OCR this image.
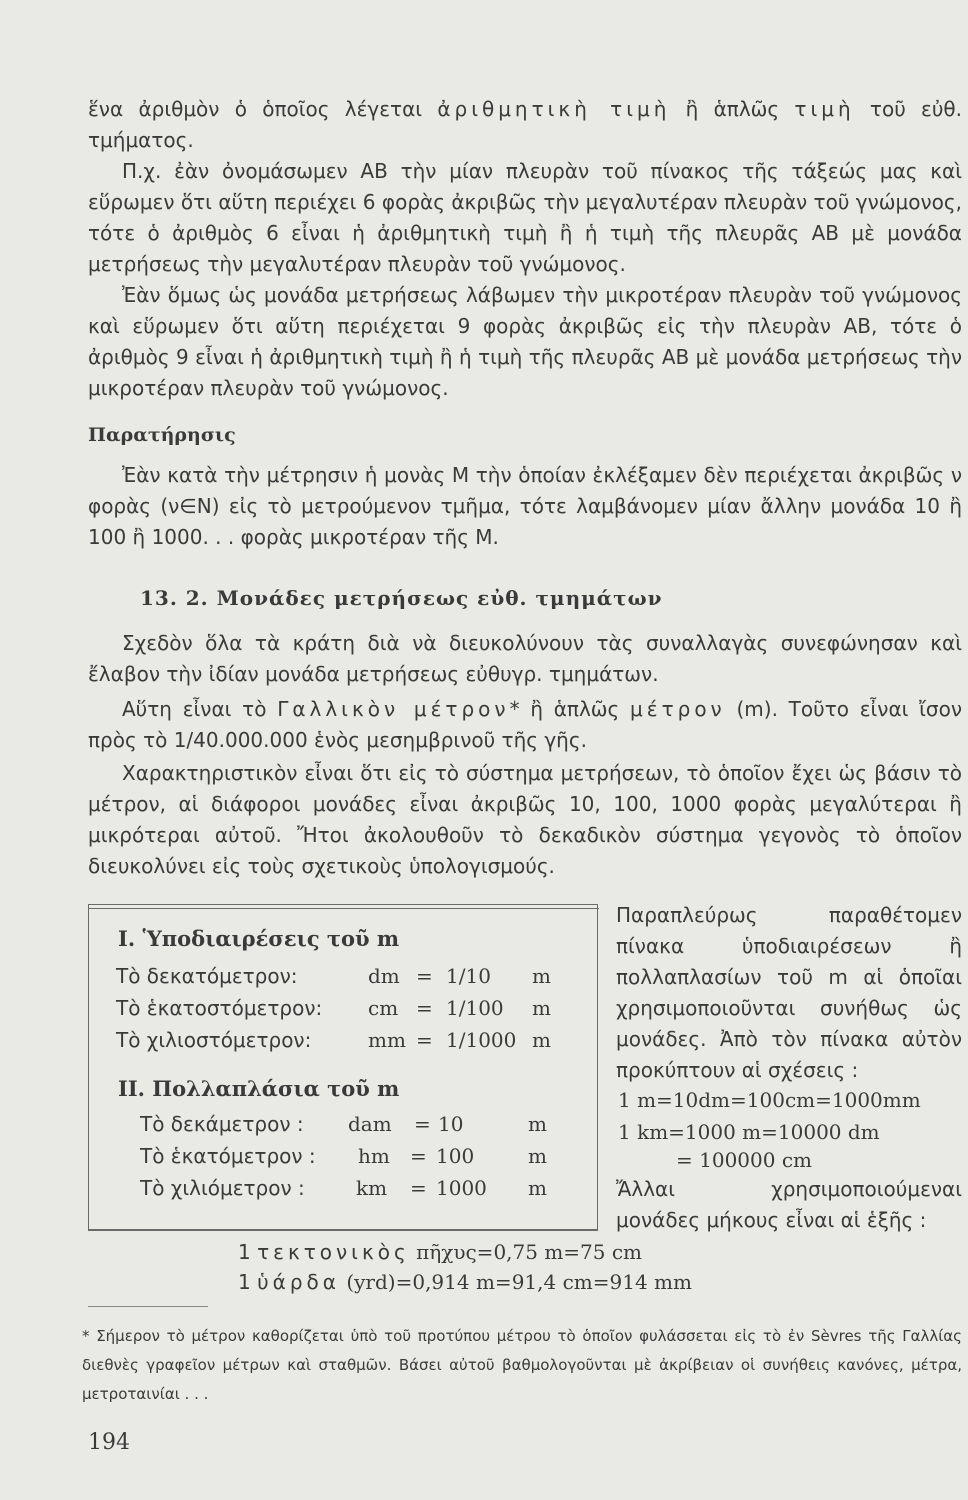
ἕνα ἀριθμὸν ὁ ὁποῖος λέγεται ἀριθμητικὴ τιμὴ ἢ ἁπλῶς τιμὴ τοῦ εὐθ. τμήματος.

Π.χ. ἐὰν ὀνομάσωμεν ΑΒ τὴν μίαν πλευρὰν τοῦ πίνακος τῆς τάξεώς μας καὶ εὕρωμεν ὅτι αὕτη περιέχει 6 φορὰς ἀκριβῶς τὴν μεγαλυτέραν πλευρὰν τοῦ γνώμονος, τότε ὁ ἀριθμὸς 6 εἶναι ἡ ἀριθμητικὴ τιμὴ ἢ ἡ τιμὴ τῆς πλευρᾶς ΑΒ μὲ μονάδα μετρήσεως τὴν μεγαλυτέραν πλευρὰν τοῦ γνώμονος.

Ἐὰν ὅμως ὡς μονάδα μετρήσεως λάβωμεν τὴν μικροτέραν πλευρὰν τοῦ γνώμονος καὶ εὕρωμεν ὅτι αὕτη περιέχεται 9 φορὰς ἀκριβῶς εἰς τὴν πλευρὰν ΑΒ, τότε ὁ ἀριθμὸς 9 εἶναι ἡ ἀριθμητικὴ τιμὴ ἢ ἡ τιμὴ τῆς πλευρᾶς ΑΒ μὲ μονάδα μετρήσεως τὴν μικροτέραν πλευρὰν τοῦ γνώμονος.

Παρατήρησις

Ἐὰν κατὰ τὴν μέτρησιν ἡ μονὰς Μ τὴν ὁποίαν ἐκλέξαμεν δὲν περιέχεται ἀκριβῶς ν φορὰς (ν∈N) εἰς τὸ μετρούμενον τμῆμα, τότε λαμβάνομεν μίαν ἄλλην μονάδα 10 ἢ 100 ἢ 1000. . . φορὰς μικροτέραν τῆς Μ.

13. 2. Μονάδες μετρήσεως εὐθ. τμημάτων

Σχεδὸν ὅλα τὰ κράτη διὰ νὰ διευκολύνουν τὰς συναλλαγὰς συνεφώνησαν καὶ ἔλαβον τὴν ἰδίαν μονάδα μετρήσεως εὐθυγρ. τμημάτων.

Αὕτη εἶναι τὸ Γαλλικὸν μέτρον* ἢ ἁπλῶς μέτρον (m). Τοῦτο εἶναι ἴσον πρὸς τὸ 1/40.000.000 ἑνὸς μεσημβρινοῦ τῆς γῆς.

Χαρακτηριστικὸν εἶναι ὅτι εἰς τὸ σύστημα μετρήσεων, τὸ ὁποῖον ἔχει ὡς βάσιν τὸ μέτρον, αἱ διάφοροι μονάδες εἶναι ἀκριβῶς 10, 100, 1000 φορὰς μεγαλύτεραι ἢ μικρότεραι αὐτοῦ. Ἤτοι ἀκολουθοῦν τὸ δεκαδικὸν σύστημα γεγονὸς τὸ ὁποῖον διευκολύνει εἰς τοὺς σχετικοὺς ὑπολογισμούς.

I. Ὑποδιαιρέσεις τοῦ m
Τὸ δεκατόμετρον:	dm = 1/10 m
Τὸ ἑκατοστόμετρον: cm = 1/100 m
Τὸ χιλιοστόμετρον:	mm = 1/1000 m
II. Πολλαπλάσια τοῦ m
Τὸ δεκάμετρον : dam = 10	m
Τὸ ἑκατόμετρον : hm = 100	m
Τὸ χιλιόμετρον :	km = 1000 m
Παραπλεύρως παραθέτομεν πίνακα ὑποδιαιρέσεων ἢ πολλαπλασίων τοῦ m αἱ ὁποῖαι χρησιμοποιοῦνται συνήθως ὡς μονάδες. Ἀπὸ τὸν πίνακα αὐτὸν προκύπτουν αἱ σχέσεις :
1 m=10dm=100cm=1000mm
1 km=1000 m=10000 dm
= 100000 cm
Ἄλλαι χρησιμοποιούμεναι μονάδες μήκους εἶναι αἱ ἑξῆς :
1 τεκτονικὸς πῆχυς=0,75 m=75 cm
1 ὑάρδα (yrd)=0,914 m=91,4 cm=914 mm

* Σήμερον τὸ μέτρον καθορίζεται ὑπὸ τοῦ προτύπου μέτρου τὸ ὁποῖον φυλάσσεται εἰς τὸ ἐν Sèvres τῆς Γαλλίας διεθνὲς γραφεῖον μέτρων καὶ σταθμῶν. Βάσει αὐτοῦ βαθμολογοῦνται μὲ ἀκρίβειαν οἱ συνήθεις κανόνες, μέτρα, μετροταινίαι . . .

194
